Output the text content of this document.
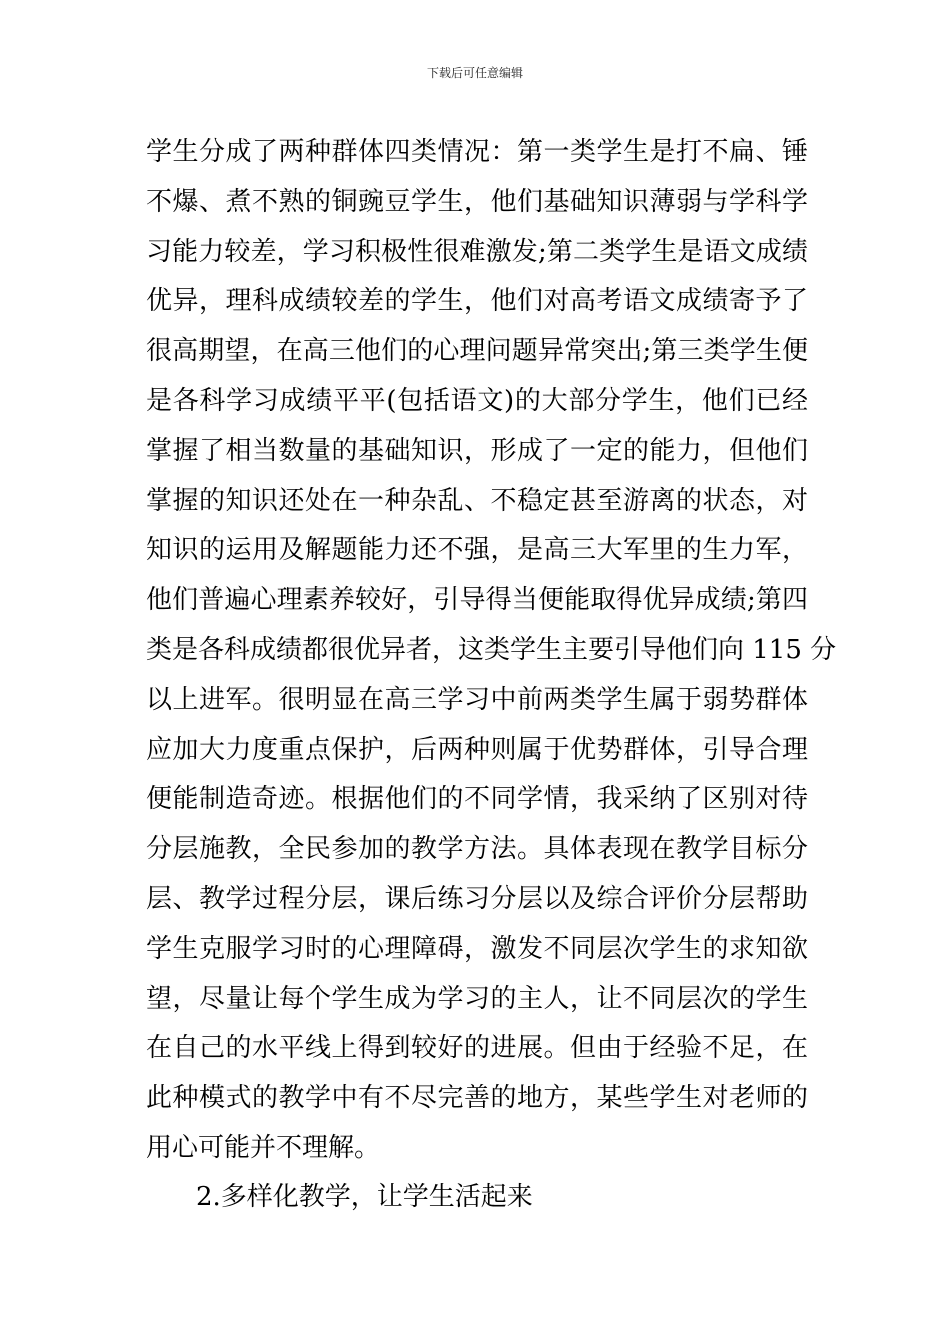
下载后可任意编辑
学生分成了两种群体四类情况：第一类学生是打不扁、锤
不爆、煮不熟的铜豌豆学生，他们基础知识薄弱与学科学
习能力较差，学习积极性很难激发;第二类学生是语文成绩
优异，理科成绩较差的学生，他们对高考语文成绩寄予了
很高期望，在高三他们的心理问题异常突出;第三类学生便
是各科学习成绩平平(包括语文)的大部分学生，他们已经
掌握了相当数量的基础知识，形成了一定的能力，但他们
掌握的知识还处在一种杂乱、不稳定甚至游离的状态，对
知识的运用及解题能力还不强，是高三大军里的生力军，
他们普遍心理素养较好，引导得当便能取得优异成绩;第四
类是各科成绩都很优异者，这类学生主要引导他们向 115 分
以上进军。很明显在高三学习中前两类学生属于弱势群体
应加大力度重点保护，后两种则属于优势群体，引导合理
便能制造奇迹。根据他们的不同学情，我采纳了区别对待
分层施教，全民参加的教学方法。具体表现在教学目标分
层、教学过程分层，课后练习分层以及综合评价分层帮助
学生克服学习时的心理障碍，激发不同层次学生的求知欲
望，尽量让每个学生成为学习的主人，让不同层次的学生
在自己的水平线上得到较好的进展。但由于经验不足，在
此种模式的教学中有不尽完善的地方，某些学生对老师的
用心可能并不理解。
2.多样化教学，让学生活起来
